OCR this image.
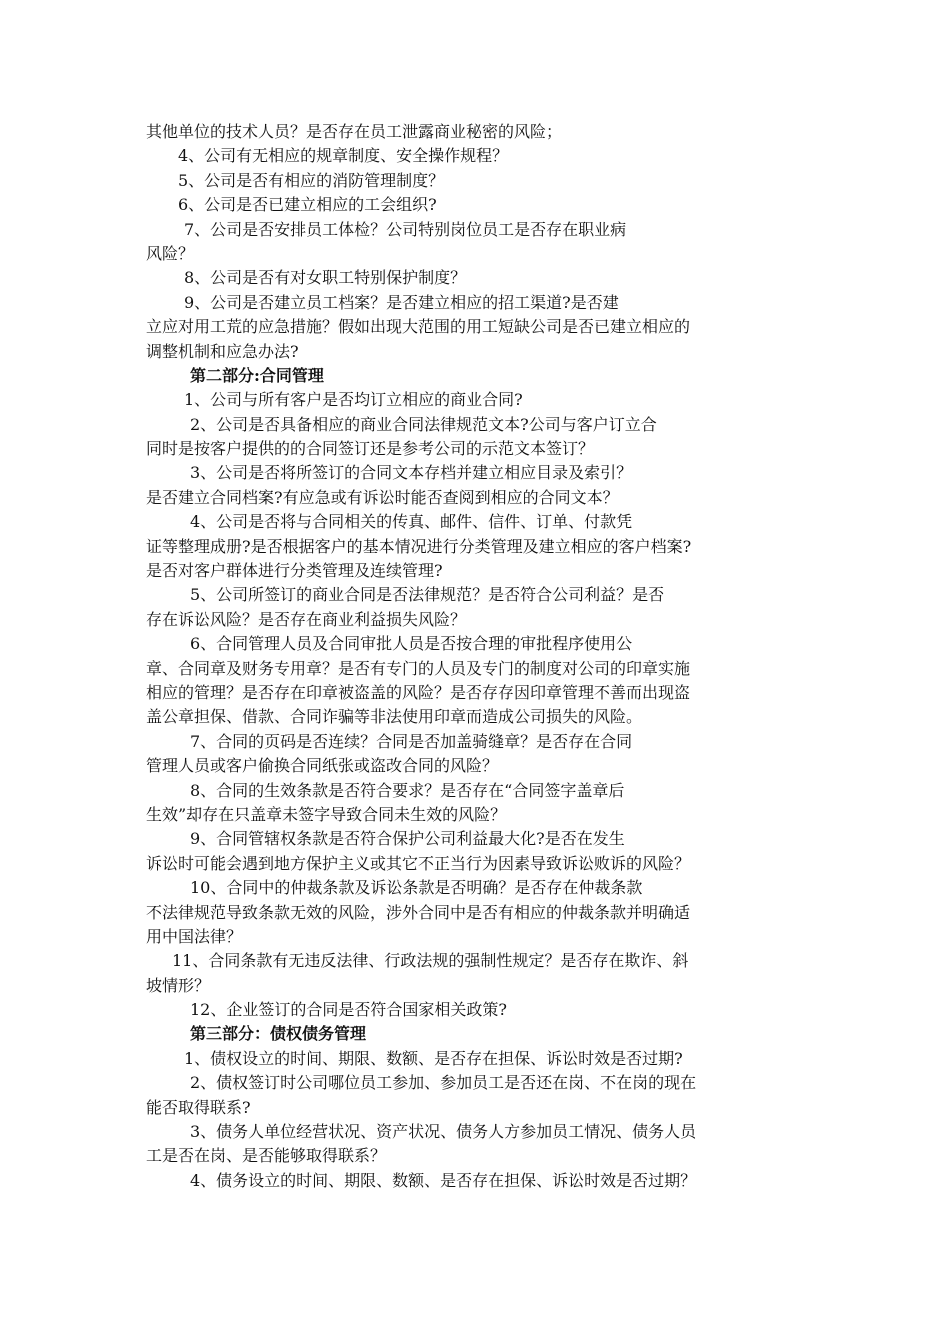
其他单位的技术人员？是否存在员工泄露商业秘密的风险；
4、公司有无相应的规章制度、安全操作规程？
5、公司是否有相应的消防管理制度？
6、公司是否已建立相应的工会组织?
7、公司是否安排员工体检？公司特别岗位员工是否存在职业病
风险？
8、公司是否有对女职工特别保护制度？
9、公司是否建立员工档案？是否建立相应的招工渠道?是否建
立应对用工荒的应急措施？假如出现大范围的用工短缺公司是否已建立相应的
调整机制和应急办法?
第二部分:合同管理
1、公司与所有客户是否均订立相应的商业合同?
2、公司是否具备相应的商业合同法律规范文本?公司与客户订立合
同时是按客户提供的的合同签订还是参考公司的示范文本签订？
3、公司是否将所签订的合同文本存档并建立相应目录及索引？
是否建立合同档案?有应急或有诉讼时能否查阅到相应的合同文本？
4、公司是否将与合同相关的传真、邮件、信件、订单、付款凭
证等整理成册?是否根据客户的基本情况进行分类管理及建立相应的客户档案?
是否对客户群体进行分类管理及连续管理?
5、公司所签订的商业合同是否法律规范？是否符合公司利益？是否
存在诉讼风险？是否存在商业利益损失风险？
6、合同管理人员及合同审批人员是否按合理的审批程序使用公
章、合同章及财务专用章？是否有专门的人员及专门的制度对公司的印章实施
相应的管理？是否存在印章被盗盖的风险？是否存存因印章管理不善而出现盗
盖公章担保、借款、合同诈骗等非法使用印章而造成公司损失的风险。
7、合同的页码是否连续？合同是否加盖骑缝章？是否存在合同
管理人员或客户偷换合同纸张或盗改合同的风险？
8、合同的生效条款是否符合要求？是否存在“合同签字盖章后
生效”却存在只盖章未签字导致合同未生效的风险？
9、合同管辖权条款是否符合保护公司利益最大化?是否在发生
诉讼时可能会遇到地方保护主义或其它不正当行为因素导致诉讼败诉的风险？
10、合同中的仲裁条款及诉讼条款是否明确？是否存在仲裁条款
不法律规范导致条款无效的风险，涉外合同中是否有相应的仲裁条款并明确适
用中国法律？
11、合同条款有无违反法律、行政法规的强制性规定？是否存在欺诈、斜
坡情形？
12、企业签订的合同是否符合国家相关政策?
第三部分：债权债务管理
1、债权设立的时间、期限、数额、是否存在担保、诉讼时效是否过期?
2、债权签订时公司哪位员工参加、参加员工是否还在岗、不在岗的现在
能否取得联系?
3、债务人单位经营状况、资产状况、债务人方参加员工情况、债务人员
工是否在岗、是否能够取得联系？
4、债务设立的时间、期限、数额、是否存在担保、诉讼时效是否过期？
